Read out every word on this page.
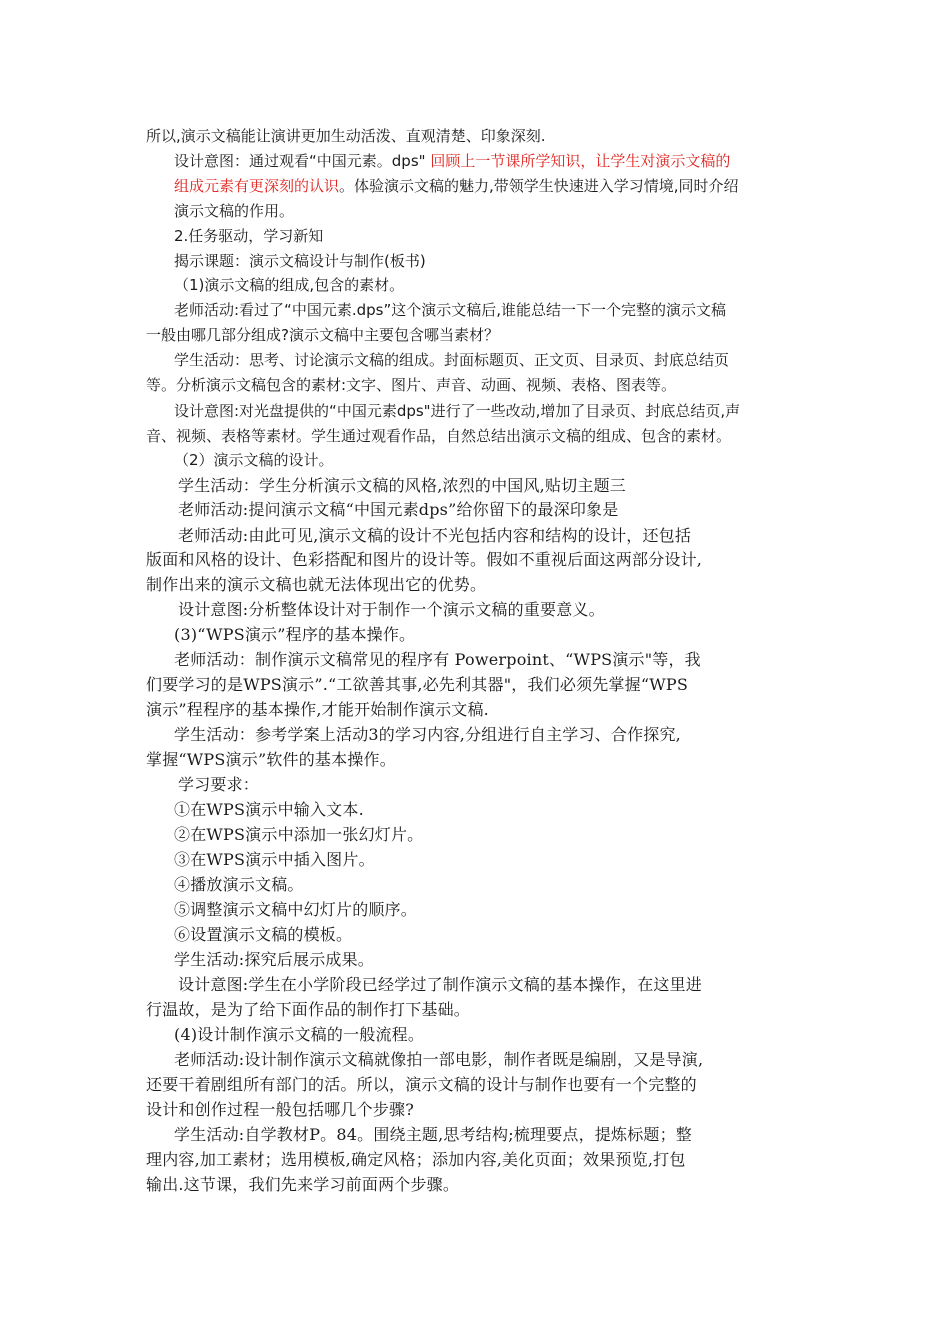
所以,演示文稿能让演讲更加生动活泼、直观清楚、印象深刻.
设计意图：通过观看“中国元素。dps" 回顾上一节课所学知识，让学生对演示文稿的
组成元素有更深刻的认识。体验演示文稿的魅力,带领学生快速进入学习情境,同时介绍
演示文稿的作用。
2.任务驱动，学习新知
揭示课题：演示文稿设计与制作(板书)
（1)演示文稿的组成,包含的素材。
老师活动:看过了“中国元素.dps”这个演示文稿后,谁能总结一下一个完整的演示文稿
一般由哪几部分组成?演示文稿中主要包含哪当素材？
学生活动：思考、讨论演示文稿的组成。封面标题页、正文页、目录页、封底总结页
等。分析演示文稿包含的素材:文字、图片、声音、动画、视频、表格、图表等。
设计意图:对光盘提供的“中国元素dps"进行了一些改动,增加了目录页、封底总结页,声
音、视频、表格等素材。学生通过观看作品，自然总结出演示文稿的组成、包含的素材。
（2）演示文稿的设计。
学生活动：学生分析演示文稿的风格,浓烈的中国风,贴切主题三
老师活动:提问演示文稿“中国元素dps”给你留下的最深印象是
老师活动:由此可见,演示文稿的设计不光包括内容和结构的设计，还包括
版面和风格的设计、色彩搭配和图片的设计等。假如不重视后面这两部分设计,
制作出来的演示文稿也就无法体现出它的优势。
设计意图:分析整体设计对于制作一个演示文稿的重要意义。
(3)“WPS演示”程序的基本操作。
老师活动：制作演示文稿常见的程序有 Powerpoint、“WPS演示"等，我
们要学习的是WPS演示”.“工欲善其事,必先利其器"，我们必须先掌握“WPS
演示”程程序的基本操作,才能开始制作演示文稿.
学生活动：参考学案上活动3的学习内容,分组进行自主学习、合作探究,
掌握“WPS演示”软件的基本操作。
学习要求：
①在WPS演示中输入文本.
②在WPS演示中添加一张幻灯片。
③在WPS演示中插入图片。
④播放演示文稿。
⑤调整演示文稿中幻灯片的顺序。
⑥设置演示文稿的模板。
学生活动:探究后展示成果。
设计意图:学生在小学阶段已经学过了制作演示文稿的基本操作，在这里进
行温故，是为了给下面作品的制作打下基础。
(4)设计制作演示文稿的一般流程。
老师活动:设计制作演示文稿就像拍一部电影，制作者既是编剧，又是导演,
还要干着剧组所有部门的活。所以，演示文稿的设计与制作也要有一个完整的
设计和创作过程一般包括哪几个步骤?
学生活动:自学教材P。84。围绕主题,思考结构;梳理要点，提炼标题；整
理内容,加工素材；选用模板,确定风格；添加内容,美化页面；效果预览,打包
输出.这节课，我们先来学习前面两个步骤。
